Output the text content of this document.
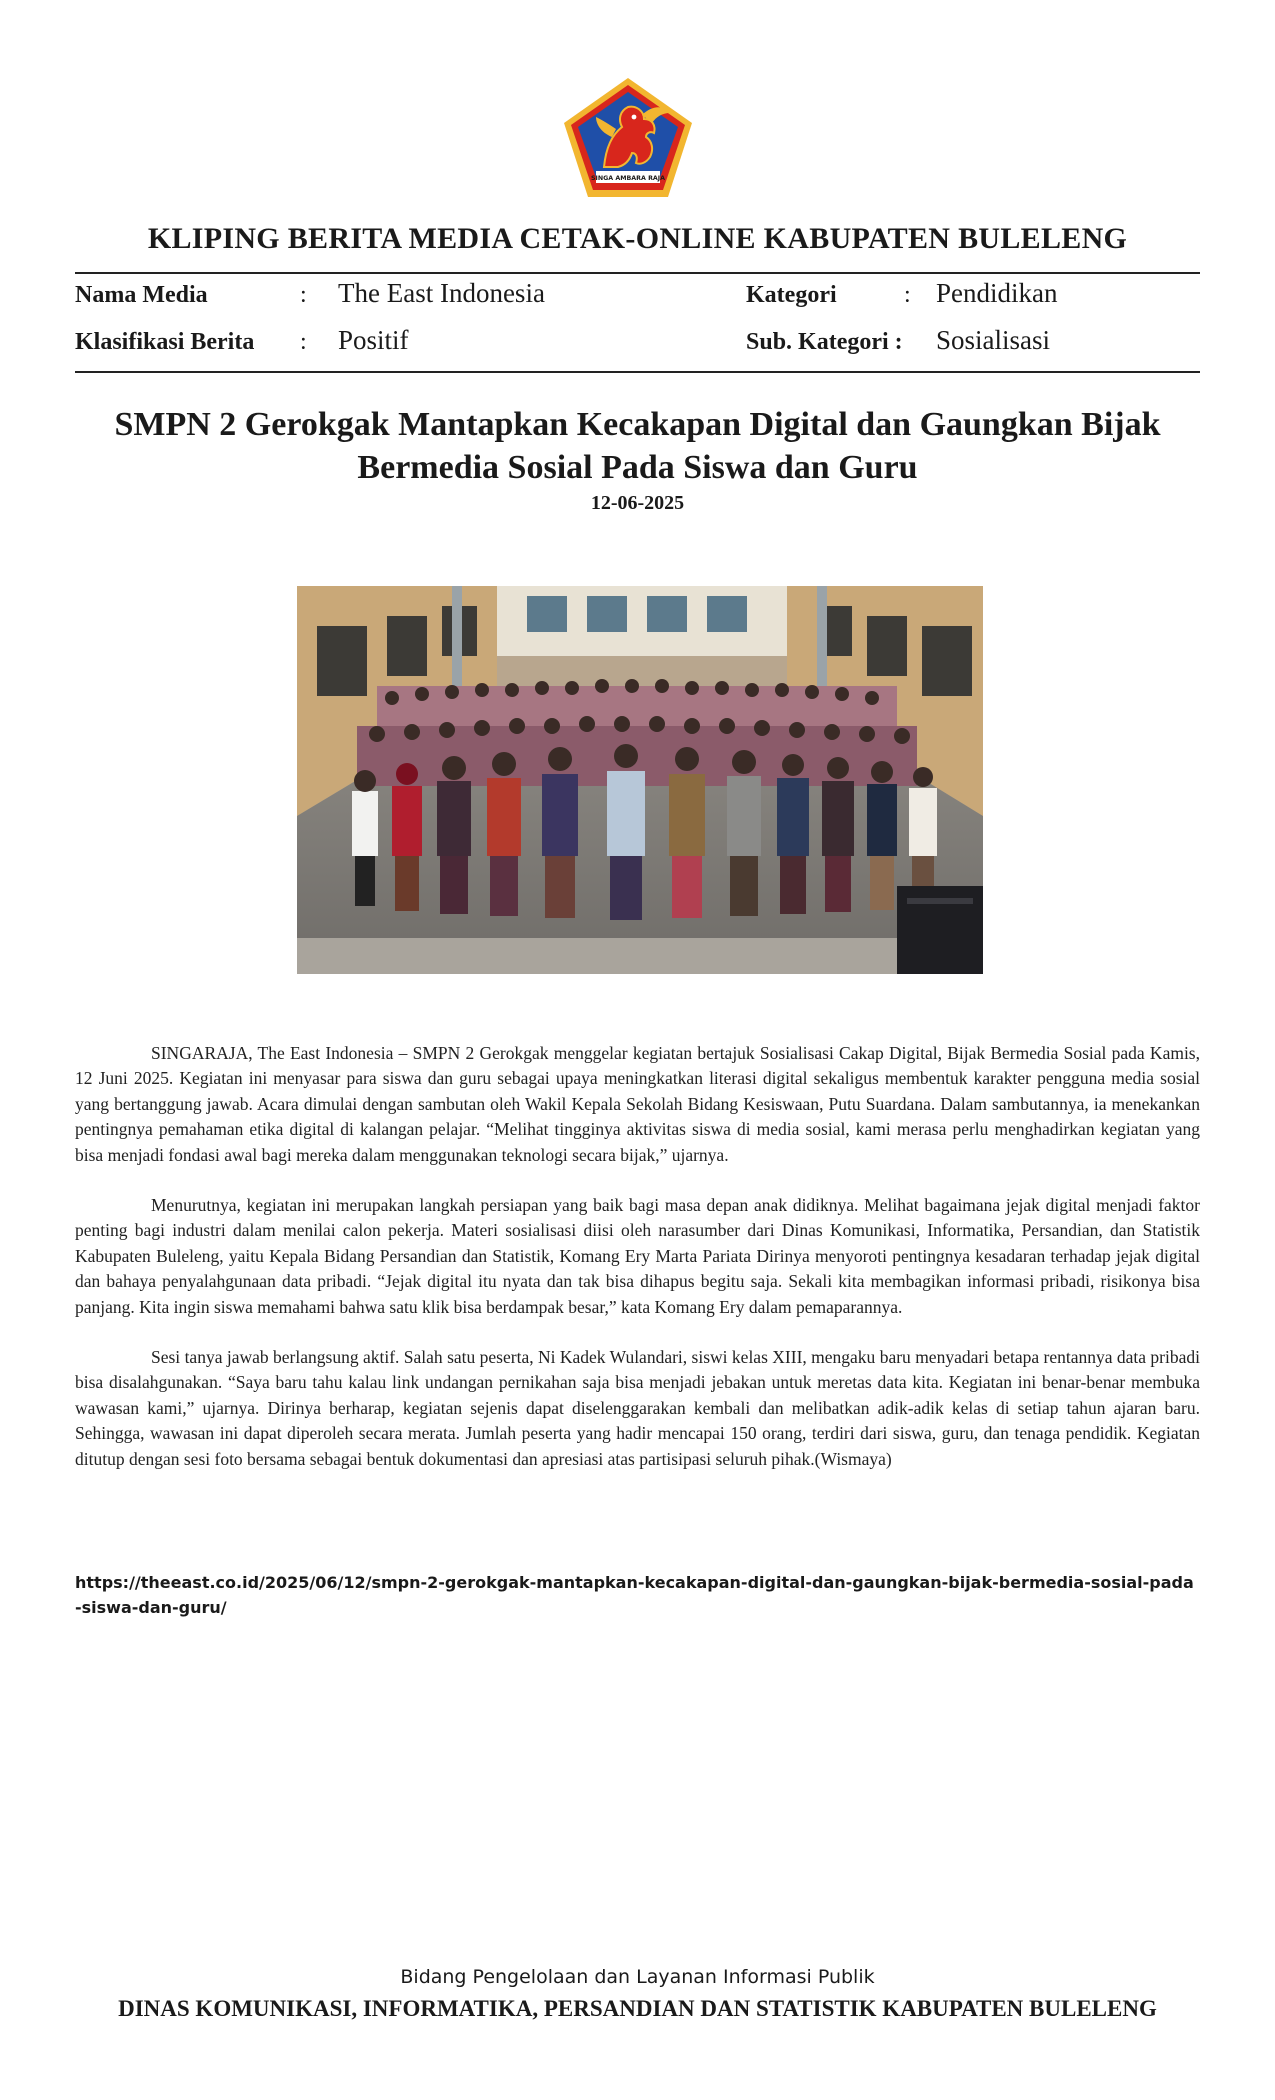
SINGA AMBARA RAJA
KLIPING BERITA MEDIA CETAK-ONLINE KABUPATEN BULELENG
Nama Media	: The East Indonesia	Kategori	: Pendidikan
Klasifikasi Berita : Positif	Sub. Kategori : Sosialisasi
SMPN 2 Gerokgak Mantapkan Kecakapan Digital dan Gaungkan Bijak Bermedia Sosial Pada Siswa dan Guru
12-06-2025

SINGARAJA, The East Indonesia – SMPN 2 Gerokgak menggelar kegiatan bertajuk Sosialisasi Cakap Digital, Bijak Bermedia Sosial pada Kamis, 12 Juni 2025. Kegiatan ini menyasar para siswa dan guru sebagai upaya meningkatkan literasi digital sekaligus membentuk karakter pengguna media sosial yang bertanggung jawab. Acara dimulai dengan sambutan oleh Wakil Kepala Sekolah Bidang Kesiswaan, Putu Suardana. Dalam sambutannya, ia menekankan pentingnya pemahaman etika digital di kalangan pelajar. “Melihat tingginya aktivitas siswa di media sosial, kami merasa perlu menghadirkan kegiatan yang bisa menjadi fondasi awal bagi mereka dalam menggunakan teknologi secara bijak,” ujarnya.

Menurutnya, kegiatan ini merupakan langkah persiapan yang baik bagi masa depan anak didiknya. Melihat bagaimana jejak digital menjadi faktor penting bagi industri dalam menilai calon pekerja. Materi sosialisasi diisi oleh narasumber dari Dinas Komunikasi, Informatika, Persandian, dan Statistik Kabupaten Buleleng, yaitu Kepala Bidang Persandian dan Statistik, Komang Ery Marta Pariata Dirinya menyoroti pentingnya kesadaran terhadap jejak digital dan bahaya penyalahgunaan data pribadi. “Jejak digital itu nyata dan tak bisa dihapus begitu saja. Sekali kita membagikan informasi pribadi, risikonya bisa panjang. Kita ingin siswa memahami bahwa satu klik bisa berdampak besar,” kata Komang Ery dalam pemaparannya.

Sesi tanya jawab berlangsung aktif. Salah satu peserta, Ni Kadek Wulandari, siswi kelas XIII, mengaku baru menyadari betapa rentannya data pribadi bisa disalahgunakan. “Saya baru tahu kalau link undangan pernikahan saja bisa menjadi jebakan untuk meretas data kita. Kegiatan ini benar-benar membuka wawasan kami,” ujarnya. Dirinya berharap, kegiatan sejenis dapat diselenggarakan kembali dan melibatkan adik-adik kelas di setiap tahun ajaran baru. Sehingga, wawasan ini dapat diperoleh secara merata. Jumlah peserta yang hadir mencapai 150 orang, terdiri dari siswa, guru, dan tenaga pendidik. Kegiatan ditutup dengan sesi foto bersama sebagai bentuk dokumentasi dan apresiasi atas partisipasi seluruh pihak.(Wismaya)

https://theeast.co.id/2025/06/12/smpn-2-gerokgak-mantapkan-kecakapan-digital-dan-gaungkan-bijak-bermedia-sosial-pada-siswa-dan-guru/
Bidang Pengelolaan dan Layanan Informasi Publik
DINAS KOMUNIKASI, INFORMATIKA, PERSANDIAN DAN STATISTIK KABUPATEN BULELENG
